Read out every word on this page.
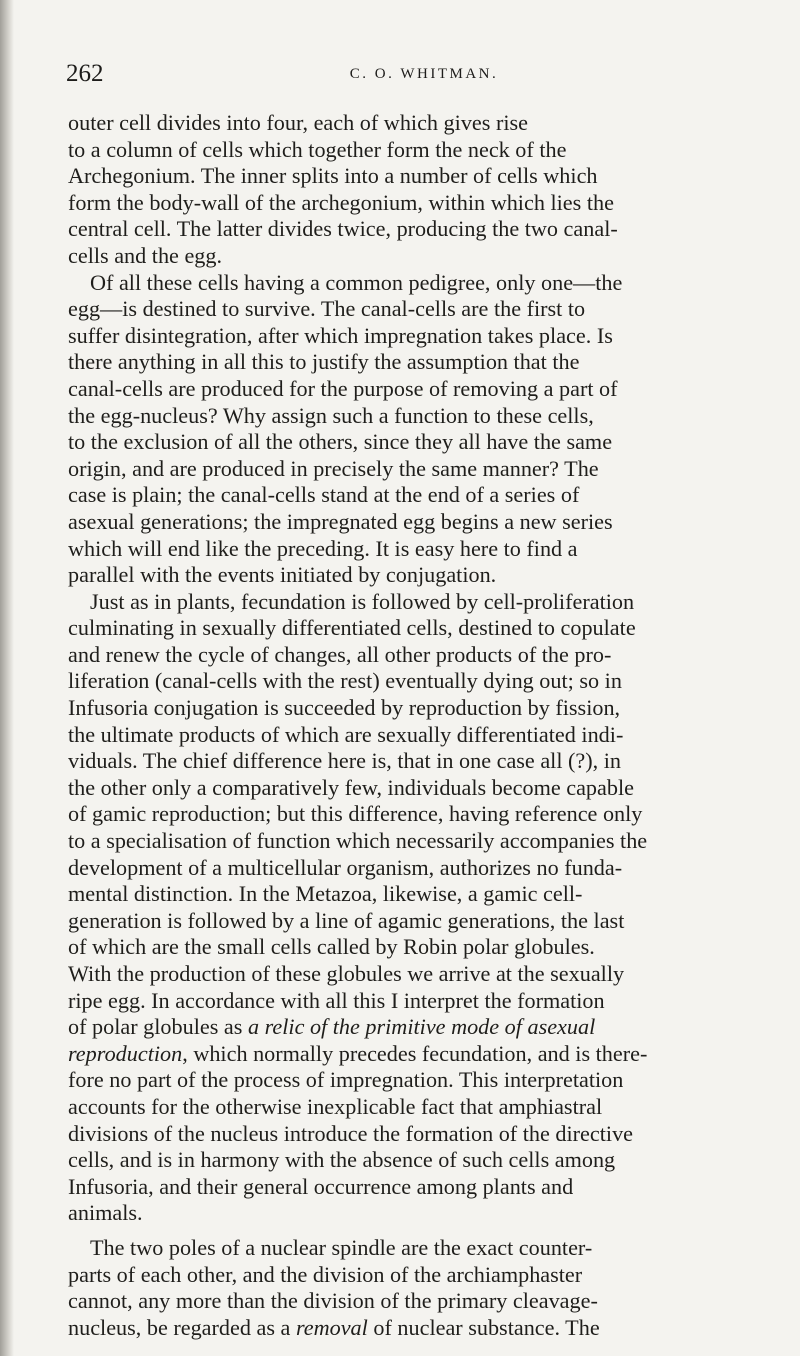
262	C. O. WHITMAN.
outer cell divides into four, each of which gives rise
to a column of cells which together form the neck of the
Archegonium. The inner splits into a number of cells which
form the body-wall of the archegonium, within which lies the
central cell. The latter divides twice, producing the two canal-
cells and the egg.
Of all these cells having a common pedigree, only one—the
egg—is destined to survive. The canal-cells are the first to
suffer disintegration, after which impregnation takes place. Is
there anything in all this to justify the assumption that the
canal-cells are produced for the purpose of removing a part of
the egg-nucleus? Why assign such a function to these cells,
to the exclusion of all the others, since they all have the same
origin, and are produced in precisely the same manner? The
case is plain; the canal-cells stand at the end of a series of
asexual generations; the impregnated egg begins a new series
which will end like the preceding. It is easy here to find a
parallel with the events initiated by conjugation.
Just as in plants, fecundation is followed by cell-proliferation
culminating in sexually differentiated cells, destined to copulate
and renew the cycle of changes, all other products of the pro-
liferation (canal-cells with the rest) eventually dying out; so in
Infusoria conjugation is succeeded by reproduction by fission,
the ultimate products of which are sexually differentiated indi-
viduals. The chief difference here is, that in one case all (?), in
the other only a comparatively few, individuals become capable
of gamic reproduction; but this difference, having reference only
to a specialisation of function which necessarily accompanies the
development of a multicellular organism, authorizes no funda-
mental distinction. In the Metazoa, likewise, a gamic cell-
generation is followed by a line of agamic generations, the last
of which are the small cells called by Robin polar globules.
With the production of these globules we arrive at the sexually
ripe egg. In accordance with all this I interpret the formation
of polar globules as a relic of the primitive mode of asexual
reproduction, which normally precedes fecundation, and is there-
fore no part of the process of impregnation. This interpretation
accounts for the otherwise inexplicable fact that amphiastral
divisions of the nucleus introduce the formation of the directive
cells, and is in harmony with the absence of such cells among
Infusoria, and their general occurrence among plants and
animals.
The two poles of a nuclear spindle are the exact counter-
parts of each other, and the division of the archiamphaster
cannot, any more than the division of the primary cleavage-
nucleus, be regarded as a removal of nuclear substance. The
